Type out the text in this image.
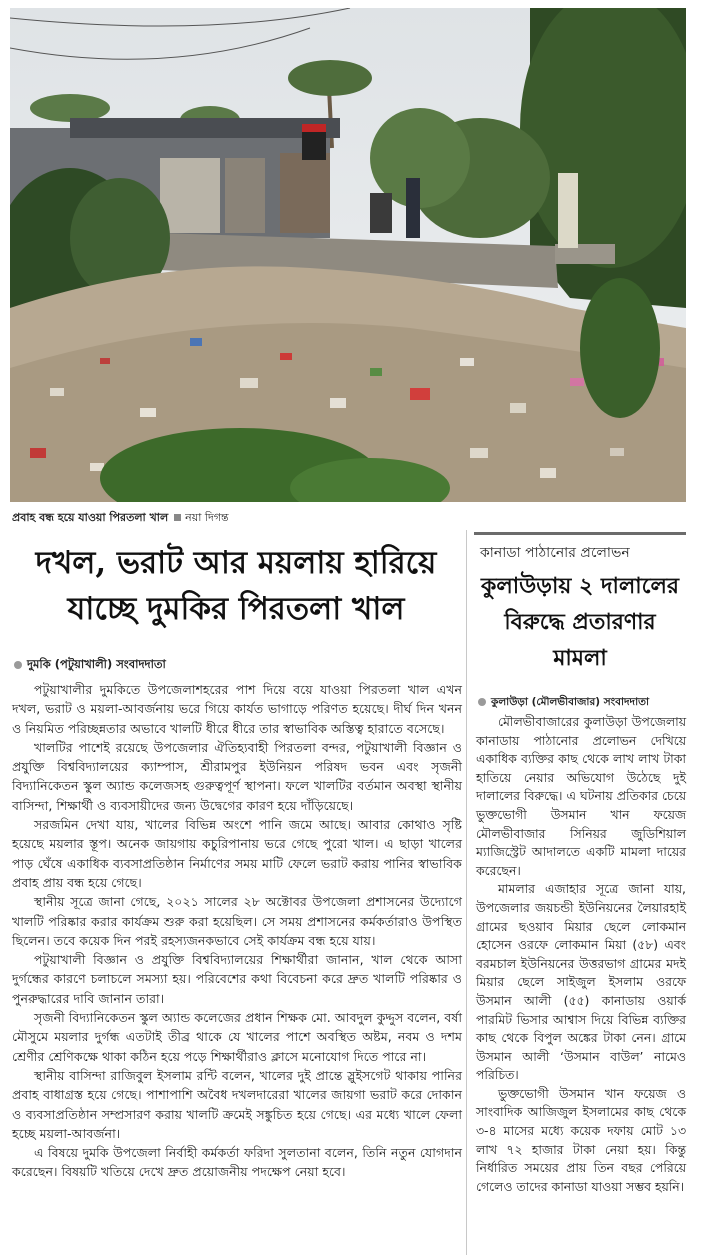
প্রবাহ বন্ধ হয়ে যাওয়া পিরতলা খাল নয়া দিগন্ত
দখল, ভরাট আর ময়লায় হারিয়ে
যাচ্ছে দুমকির পিরতলা খাল
দুমকি (পটুয়াখালী) সংবাদদাতা

পটুয়াখালীর দুমকিতে উপজেলাশহরের পাশ দিয়ে বয়ে যাওয়া পিরতলা খাল এখন দখল, ভরাট ও ময়লা-আবর্জনায় ভরে গিয়ে কার্যত ভাগাড়ে পরিণত হয়েছে। দীর্ঘ দিন খনন ও নিয়মিত পরিচ্ছন্নতার অভাবে খালটি ধীরে ধীরে তার স্বাভাবিক অস্তিত্ব হারাতে বসেছে।

খালটির পাশেই রয়েছে উপজেলার ঐতিহ্যবাহী পিরতলা বন্দর, পটুয়াখালী বিজ্ঞান ও প্রযুক্তি বিশ্ববিদ্যালয়ের ক্যাম্পাস, শ্রীরামপুর ইউনিয়ন পরিষদ ভবন এবং সৃজনী বিদ্যানিকেতন স্কুল অ্যান্ড কলেজসহ গুরুত্বপূর্ণ স্থাপনা। ফলে খালটির বর্তমান অবস্থা স্থানীয় বাসিন্দা, শিক্ষার্থী ও ব্যবসায়ীদের জন্য উদ্বেগের কারণ হয়ে দাঁড়িয়েছে।

সরজমিন দেখা যায়, খালের বিভিন্ন অংশে পানি জমে আছে। আবার কোথাও সৃষ্টি হয়েছে ময়লার স্তূপ। অনেক জায়গায় কচুরিপানায় ভরে গেছে পুরো খাল। এ ছাড়া খালের পাড় ঘেঁষে একাধিক ব্যবসাপ্রতিষ্ঠান নির্মাণের সময় মাটি ফেলে ভরাট করায় পানির স্বাভাবিক প্রবাহ প্রায় বন্ধ হয়ে গেছে।

স্থানীয় সূত্রে জানা গেছে, ২০২১ সালের ২৮ অক্টোবর উপজেলা প্রশাসনের উদ্যোগে খালটি পরিষ্কার করার কার্যক্রম শুরু করা হয়েছিল। সে সময় প্রশাসনের কর্মকর্তারাও উপস্থিত ছিলেন। তবে কয়েক দিন পরই রহস্যজনকভাবে সেই কার্যক্রম বন্ধ হয়ে যায়।

পটুয়াখালী বিজ্ঞান ও প্রযুক্তি বিশ্ববিদ্যালয়ের শিক্ষার্থীরা জানান, খাল থেকে আসা দুর্গন্ধের কারণে চলাচলে সমস্যা হয়। পরিবেশের কথা বিবেচনা করে দ্রুত খালটি পরিষ্কার ও পুনরুদ্ধারের দাবি জানান তারা।

সৃজনী বিদ্যানিকেতন স্কুল অ্যান্ড কলেজের প্রধান শিক্ষক মো. আবদুল কুদ্দুস বলেন, বর্ষা মৌসুমে ময়লার দুর্গন্ধ এতটাই তীব্র থাকে যে খালের পাশে অবস্থিত অষ্টম, নবম ও দশম শ্রেণীর শ্রেণিকক্ষে থাকা কঠিন হয়ে পড়ে শিক্ষার্থীরাও ক্লাসে মনোযোগ দিতে পারে না।

স্থানীয় বাসিন্দা রাজিবুল ইসলাম রন্টি বলেন, খালের দুই প্রান্তে স্লুইসগেট থাকায় পানির প্রবাহ বাধাগ্রস্ত হয়ে গেছে। পাশাপাশি অবৈধ দখলদারেরা খালের জায়গা ভরাট করে দোকান ও ব্যবসাপ্রতিষ্ঠান সম্প্রসারণ করায় খালটি ক্রমেই সঙ্কুচিত হয়ে গেছে। এর মধ্যে খালে ফেলা হচ্ছে ময়লা-আবর্জনা।

এ বিষয়ে দুমকি উপজেলা নির্বাহী কর্মকর্তা ফরিদা সুলতানা বলেন, তিনি নতুন যোগদান করেছেন। বিষয়টি খতিয়ে দেখে দ্রুত প্রয়োজনীয় পদক্ষেপ নেয়া হবে।

কানাডা পাঠানোর প্রলোভন
কুলাউড়ায় ২ দালালের
বিরুদ্ধে প্রতারণার
মামলা
কুলাউড়া (মৌলভীবাজার) সংবাদদাতা

মৌলভীবাজারের কুলাউড়া উপজেলায় কানাডায় পাঠানোর প্রলোভন দেখিয়ে একাধিক ব্যক্তির কাছ থেকে লাখ লাখ টাকা হাতিয়ে নেয়ার অভিযোগ উঠেছে দুই দালালের বিরুদ্ধে। এ ঘটনায় প্রতিকার চেয়ে ভুক্তভোগী উসমান খান ফয়েজ মৌলভীবাজার সিনিয়র জুডিশিয়াল ম্যাজিস্ট্রেট আদালতে একটি মামলা দায়ের করেছেন।

মামলার এজাহার সূত্রে জানা যায়, উপজেলার জয়চন্ডী ইউনিয়নের লৈয়ারহাই গ্রামের ছওয়াব মিয়ার ছেলে লোকমান হোসেন ওরফে লোকমান মিয়া (৫৮) এবং বরমচাল ইউনিয়নের উত্তরভাগ গ্রামের মদই মিয়ার ছেলে সাইজুল ইসলাম ওরফে উসমান আলী (৫৫) কানাডায় ওয়ার্ক পারমিট ভিসার আশ্বাস দিয়ে বিভিন্ন ব্যক্তির কাছ থেকে বিপুল অঙ্কের টাকা নেন। গ্রামে উসমান আলী ‘উসমান বাউল’ নামেও পরিচিত।

ভুক্তভোগী উসমান খান ফয়েজ ও সাংবাদিক আজিজুল ইসলামের কাছ থেকে ৩-৪ মাসের মধ্যে কয়েক দফায় মোট ১৩ লাখ ৭২ হাজার টাকা নেয়া হয়। কিন্তু নির্ধারিত সময়ের প্রায় তিন বছর পেরিয়ে গেলেও তাদের কানাডা যাওয়া সম্ভব হয়নি।
